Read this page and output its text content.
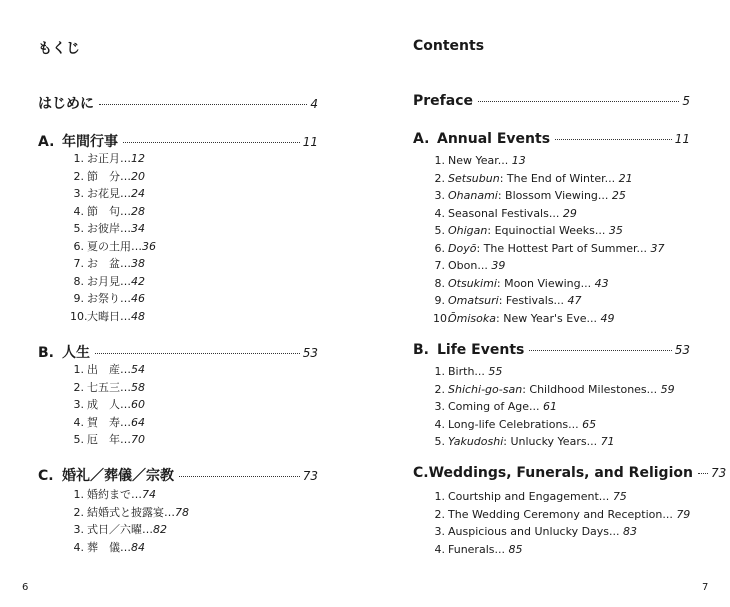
もくじ
はじめに	4
A. 年間行事	11
1. お正月…12
2. 節　分…20
3. お花見…24
4. 節　句…28
5. お彼岸…34
6. 夏の土用…36
7. お　盆…38
8. お月見…42
9. お祭り…46
10.大晦日…48
B. 人生	53
1. 出　産…54
2. 七五三…58
3. 成　人…60
4. 賀　寿…64
5. 厄　年…70
C. 婚礼／葬儀／宗教	73
1. 婚約まで…74
2. 結婚式と披露宴…78
3. 式日／六曜…82
4. 葬　儀…84
6
Contents
Preface	5
A. Annual Events	11
1. New Year... 13
2. Setsubun: The End of Winter... 21
3. Ohanami: Blossom Viewing... 25
4. Seasonal Festivals... 29
5. Ohigan: Equinoctial Weeks... 35
6. Doyō: The Hottest Part of Summer... 37
7. Obon... 39
8. Otsukimi: Moon Viewing... 43
9. Omatsuri: Festivals... 47
10.Ōmisoka: New Year's Eve... 49
B. Life Events	53
1. Birth... 55
2. Shichi-go-san: Childhood Milestones... 59
3. Coming of Age... 61
4. Long-life Celebrations... 65
5. Yakudoshi: Unlucky Years... 71
C. Weddings, Funerals, and Religion 73
1. Courtship and Engagement... 75
2. The Wedding Ceremony and Reception... 79
3. Auspicious and Unlucky Days... 83
4. Funerals... 85
7
